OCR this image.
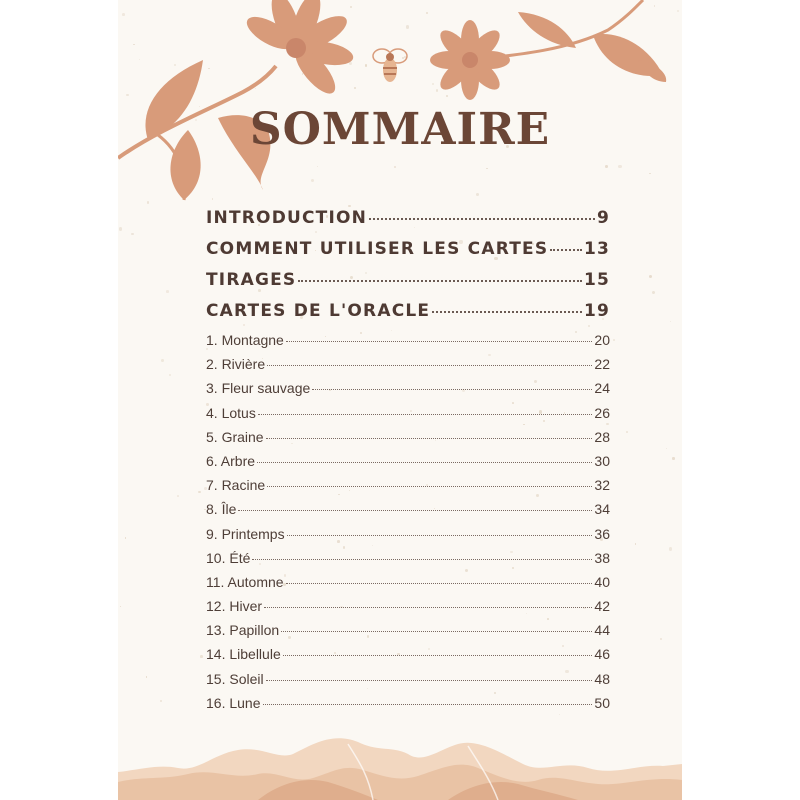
SOMMAIRE
INTRODUCTION	9
COMMENT UTILISER LES CARTES 13
TIRAGES	15
CARTES DE L'ORACLE	19
1. Montagne	20
2. Rivière	22
3. Fleur sauvage	24
4. Lotus	26
5. Graine	28
6. Arbre	30
7. Racine	32
8. Île	34
9. Printemps	36
10. Été	38
11. Automne	40
12. Hiver	42
13. Papillon	44
14. Libellule	46
15. Soleil	48
16. Lune	50
